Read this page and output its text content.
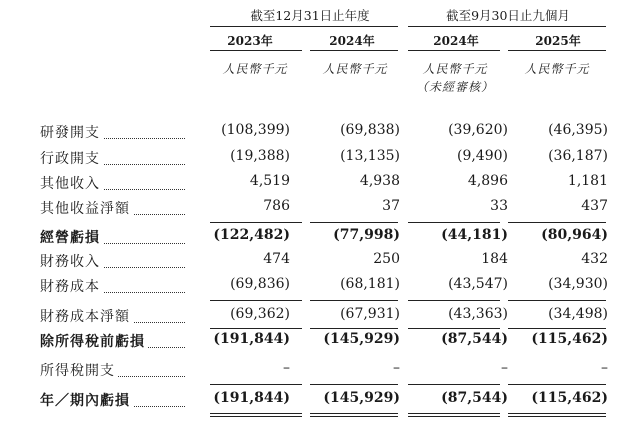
截至12月31日止年度	截至9月30日止九個月
2023年	2024年	2024年	2025年
人民幣千元	人民幣千元	人民幣千元	人民幣千元
（未經審核）
研發開支	(108,399)	(69,838)	(39,620)	(46,395)
行政開支	(19,388)	(13,135)	(9,490)	(36,187)
其他收入	4,519	4,938	4,896	1,181
其他收益淨額	786	37	33	437
經營虧損	(122,482)	(77,998)	(44,181)	(80,964)
財務收入	474	250	184	432
財務成本	(69,836)	(68,181)	(43,547)	(34,930)
財務成本淨額	(69,362)	(67,931)	(43,363)	(34,498)
除所得稅前虧損	(191,844)	(145,929)	(87,544)	(115,462)
所得稅開支	–	–	–	–
年／期內虧損	(191,844)	(145,929)	(87,544)	(115,462)
